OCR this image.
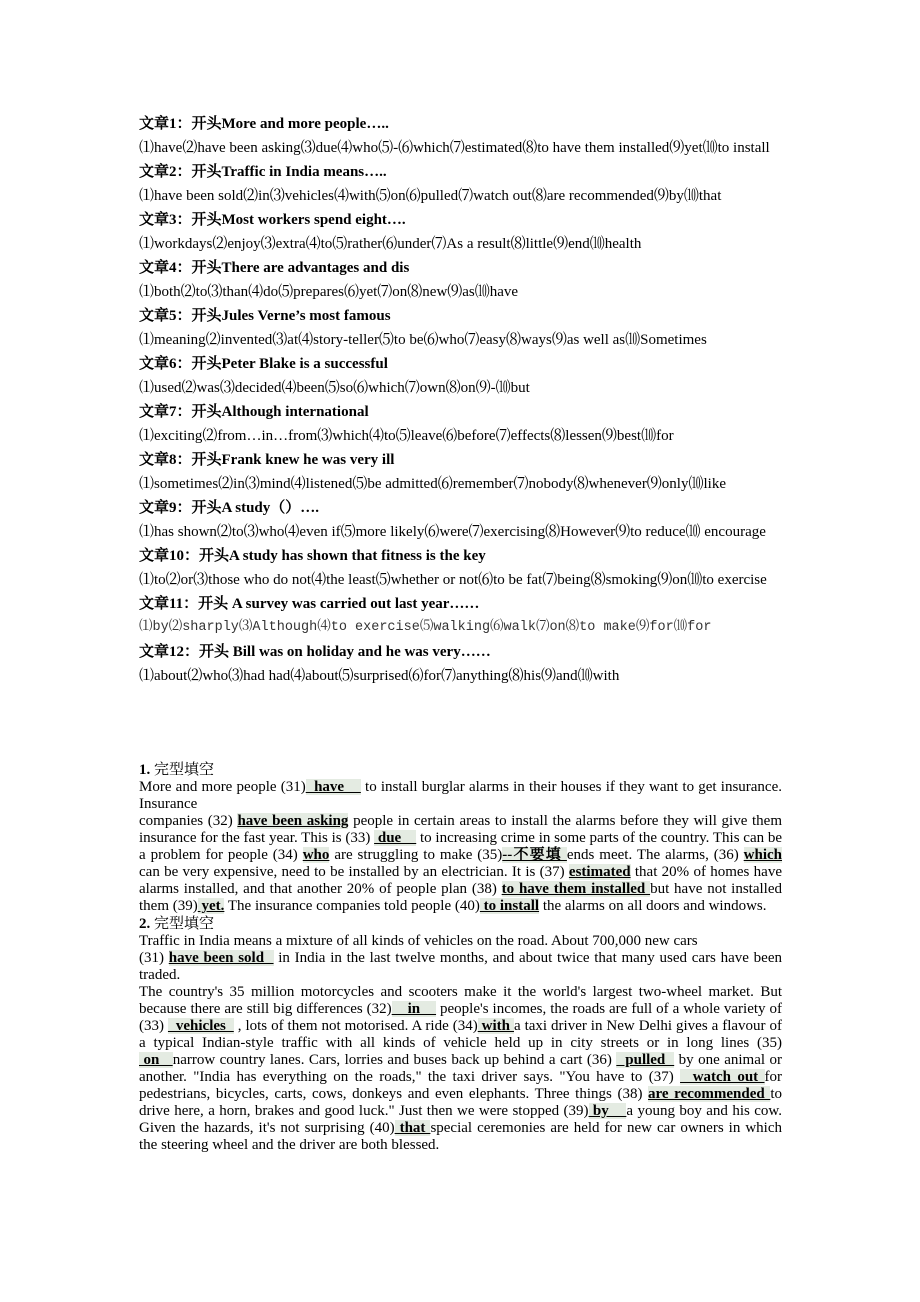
文章1：开头More and more people…..
⑴have⑵have been asking⑶due⑷who⑸-⑹which⑺estimated⑻to have them installed⑼yet⑽to install
文章2：开头Traffic in India means…..
⑴have been sold⑵in⑶vehicles⑷with⑸on⑹pulled⑺watch out⑻are recommended⑼by⑽that
文章3：开头Most workers spend eight….
⑴workdays⑵enjoy⑶extra⑷to⑸rather⑹under⑺As a result⑻little⑼end⑽health
文章4：开头There are advantages and dis
⑴both⑵to⑶than⑷do⑸prepares⑹yet⑺on⑻new⑼as⑽have
文章5：开头Jules Verne’s most famous
⑴meaning⑵invented⑶at⑷story-teller⑸to be⑹who⑺easy⑻ways⑼as well as⑽Sometimes
文章6：开头Peter Blake is a successful
⑴used⑵was⑶decided⑷been⑸so⑹which⑺own⑻on⑼-⑽but
文章7：开头Although international
⑴exciting⑵from…in…from⑶which⑷to⑸leave⑹before⑺effects⑻lessen⑼best⑽for
文章8：开头Frank knew he was very ill
⑴sometimes⑵in⑶mind⑷listened⑸be admitted⑹remember⑺nobody⑻whenever⑼only⑽like
文章9：开头A study（）….
⑴has shown⑵to⑶who⑷even if⑸more likely⑹were⑺exercising⑻However⑼to reduce⑽ encourage
文章10：开头A study has shown that fitness is the key
⑴to⑵or⑶those who do not⑷the least⑸whether or not⑹to be fat⑺being⑻smoking⑼on⑽to exercise
文章11：开头 A survey was carried out last year……
⑴by⑵sharply⑶Although⑷to exercise⑸walking⑹walk⑺on⑻to make⑼for⑽for
文章12：开头 Bill was on holiday and he was very……
⑴about⑵who⑶had had⑷about⑸surprised⑹for⑺anything⑻his⑼and⑽with
1. 完型填空

More and more people (31)  have     to install burglar alarms in their houses if they want to get insurance. Insurance

companies (32) have been asking people in certain areas to install the alarms before they will give them insurance for the fast year. This is (33)  due     to increasing crime in some parts of the country. This can be a problem for people (34) who are struggling to make (35)--不要填 ends meet. The alarms, (36) which can be very expensive, need to be installed by an electrician. It is (37) estimated that 20% of homes have alarms installed, and that another 20% of people plan (38) to have them installed but have not installed them (39) yet. The insurance companies told people (40) to install the alarms on all doors and windows.

2. 完型填空

Traffic in India means a mixture of all kinds of vehicles on the road. About 700,000 new cars

(31) have been sold   in India in the last twelve months, and about twice that many used cars have been traded.

The country's 35 million motorcycles and scooters make it the world's largest two-wheel market. But because there are still big differences (32)    in     people's incomes, the roads are full of a whole variety of (33)   vehicles   , lots of them not motorised. A ride (34) with a taxi driver in New Delhi gives a flavour of a typical Indian-style traffic with all kinds of vehicle held up in city streets or in long lines (35) on   narrow country lanes. Cars, lorries and buses back up behind a cart (36)   pulled   by one animal or another. "India has everything on the roads," the taxi driver says. "You have to (37)   watch out for pedestrians, bicycles, carts, cows, donkeys and even elephants. Three things (38) are recommended to drive here, a horn, brakes and good luck." Just then we were stopped (39) by    a young boy and his cow. Given the hazards, it's not surprising (40) that special ceremonies are held for new car owners in which the steering wheel and the driver are both blessed.
